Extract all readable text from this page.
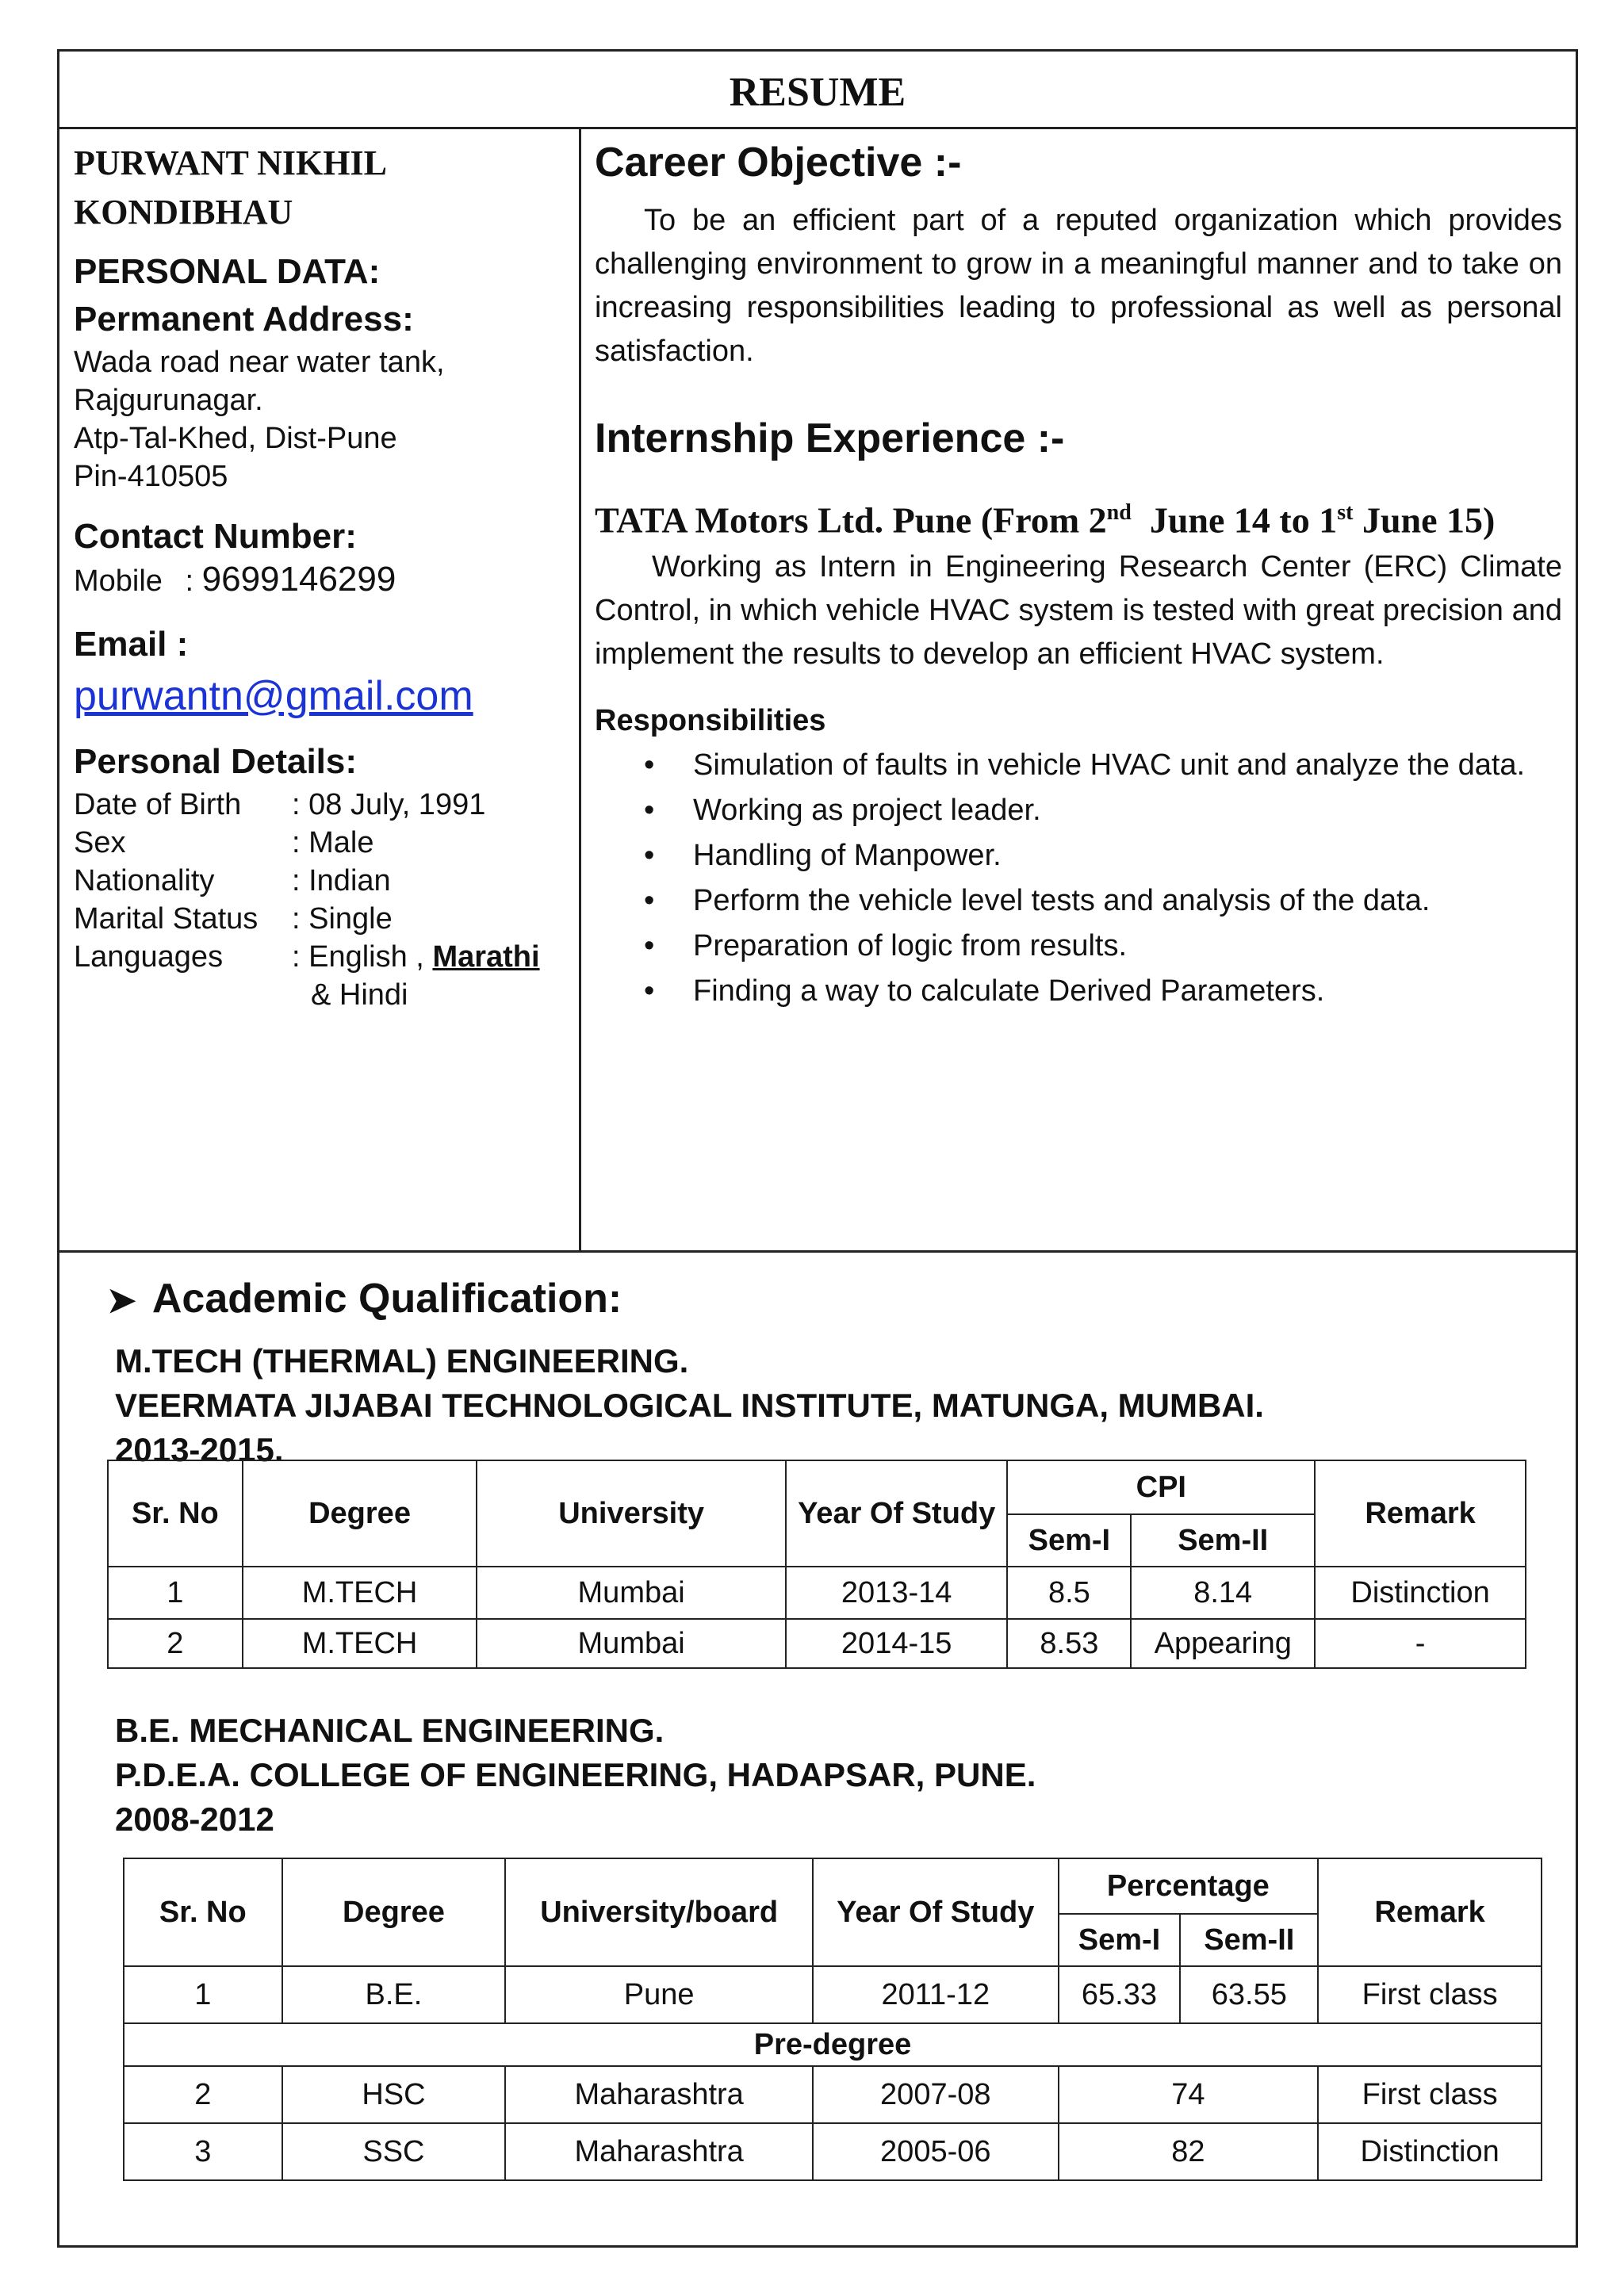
RESUME
PURWANT NIKHIL
KONDIBHAU

PERSONAL DATA:

Permanent Address:

Wada road near water tank,
Rajgurunagar.
Atp-Tal-Khed, Dist-Pune
Pin-410505

Contact Number:

Mobile : 9699146299

Email :

purwantn@gmail.com

Personal Details:

Date of Birth	: 08 July, 1991
Sex	: Male
Nationality	: Indian
Marital Status	: Single
Languages	: English , Marathi
& Hindi

Career Objective :-

To be an efficient part of a reputed organization which provides challenging environment to grow in a meaningful manner and to take on increasing responsibilities leading to professional as well as personal satisfaction.

Internship Experience :-

TATA Motors Ltd. Pune (From 2nd June 14 to 1st June 15)

Working as Intern in Engineering Research Center (ERC) Climate Control, in which vehicle HVAC system is tested with great precision and implement the results to develop an efficient HVAC system.

Responsibilities

• Simulation of faults in vehicle HVAC unit and analyze the data.
• Working as project leader.
• Handling of Manpower.
• Perform the vehicle level tests and analysis of the data.
• Preparation of logic from results.
• Finding a way to calculate Derived Parameters.

➤ Academic Qualification:

M.TECH (THERMAL) ENGINEERING.

VEERMATA JIJABAI TECHNOLOGICAL INSTITUTE, MATUNGA, MUMBAI.

2013-2015.

Sr. No	Degree	University	Year Of Study	CPI		Remark
				Sem-I	Sem-II	
1	M.TECH	Mumbai	2013-14	8.5	8.14	Distinction
2	M.TECH	Mumbai	2014-15	8.53	Appearing	-

B.E. MECHANICAL ENGINEERING.

P.D.E.A. COLLEGE OF ENGINEERING, HADAPSAR, PUNE.

2008-2012

Sr. No	Degree	University/board	Year Of Study	Percentage		Remark
				Sem-I	Sem-II	
1	B.E.	Pune	2011-12	65.33	63.55	First class
Pre-degree						
2	HSC	Maharashtra	2007-08	74		First class
3	SSC	Maharashtra	2005-06	82		Distinction
